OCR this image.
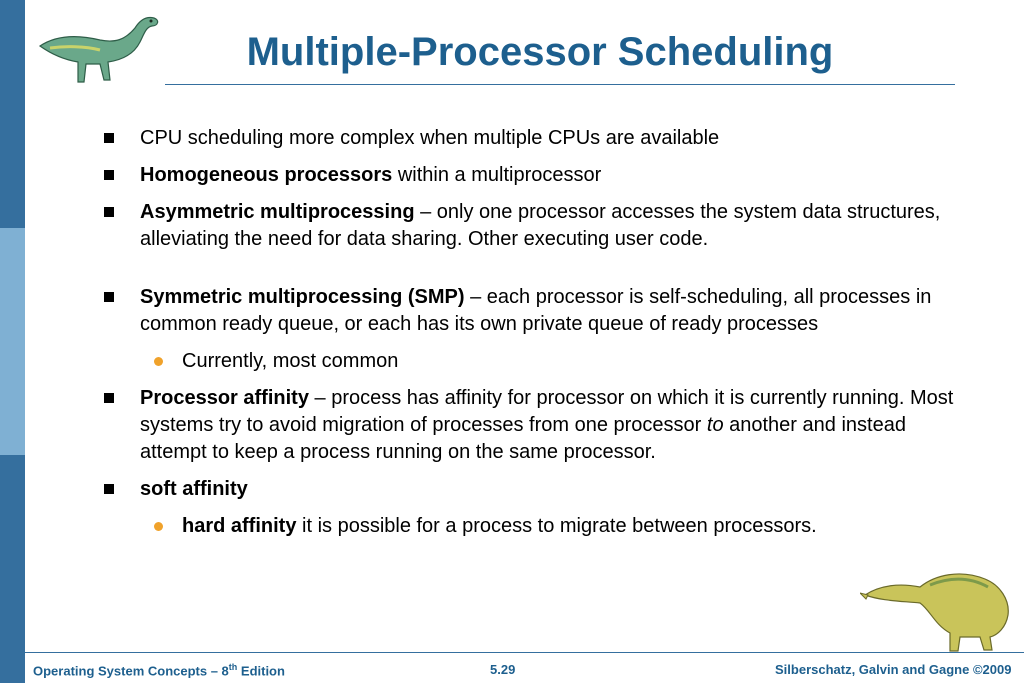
Multiple-Processor Scheduling
CPU scheduling more complex when multiple CPUs are available
Homogeneous processors within a multiprocessor
Asymmetric multiprocessing – only one processor accesses the system data structures, alleviating the need for data sharing. Other executing user code.
Symmetric multiprocessing (SMP) – each processor is self-scheduling, all processes in common ready queue, or each has its own private queue of ready processes
Currently, most common
Processor affinity – process has affinity for processor on which it is currently running. Most systems try to avoid migration of processes from one processor to another and instead attempt to keep a process running on the same processor.
soft affinity
hard affinity it is possible for a process to migrate between processors.
Operating System Concepts – 8th Edition	5.29	Silberschatz, Galvin and Gagne ©2009
